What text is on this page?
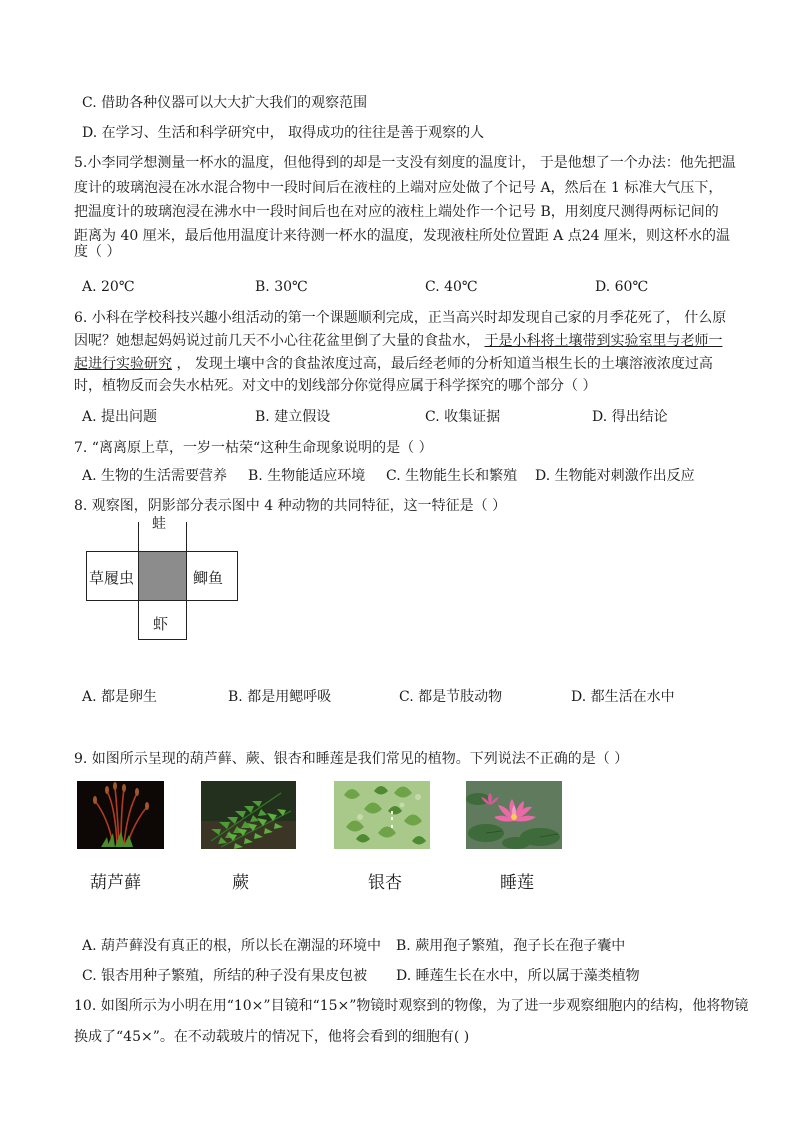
C. 借助各种仪器可以大大扩大我们的观察范围
D. 在学习、生活和科学研究中， 取得成功的往往是善于观察的人
5.小李同学想测量一杯水的温度，但他得到的却是一支没有刻度的温度计， 于是他想了一个办法：他先把温
度计的玻璃泡浸在冰水混合物中一段时间后在液柱的上端对应处做了个记号 A，然后在 1 标准大气压下，
把温度计的玻璃泡浸在沸水中一段时间后也在对应的液柱上端处作一个记号 B，用刻度尺测得两标记间的
距离为 40 厘米，最后他用温度计来待测一杯水的温度，发现液柱所处位置距 A 点24 厘米，则这杯水的温
度（ ）
A. 20℃	B. 30℃	C. 40℃	D. 60℃
6. 小科在学校科技兴趣小组活动的第一个课题顺利完成，正当高兴时却发现自己家的月季花死了， 什么原
因呢？她想起妈妈说过前几天不小心往花盆里倒了大量的食盐水， 于是小科将土壤带到实验室里与老师一
起进行实验研究 ， 发现土壤中含的食盐浓度过高，最后经老师的分析知道当根生长的土壤溶液浓度过高
时，植物反而会失水枯死。对文中的划线部分你觉得应属于科学探究的哪个部分（ ）
A. 提出问题	B. 建立假设	C. 收集证据	D. 得出结论
7. “离离原上草，一岁一枯荣“这种生命现象说明的是（ ）
A. 生物的生活需要营养 B. 生物能适应环境 C. 生物能生长和繁殖 D. 生物能对刺激作出反应
8. 观察图，阴影部分表示图中 4 种动物的共同特征，这一特征是（ ）
蛙
草履虫	鲫鱼
虾
A. 都是卵生	B. 都是用鳃呼吸	C. 都是节肢动物	D. 都生活在水中
9. 如图所示呈现的葫芦藓、蕨、银杏和睡莲是我们常见的植物。下列说法不正确的是（ ）
葫芦藓	蕨	银杏	睡莲
A. 葫芦藓没有真正的根，所以长在潮湿的环境中 B. 蕨用孢子繁殖，孢子长在孢子囊中
C. 银杏用种子繁殖，所结的种子没有果皮包被 D. 睡莲生长在水中，所以属于藻类植物
10. 如图所示为小明在用“10×”目镜和“15×”物镜时观察到的物像，为了进一步观察细胞内的结构，他将物镜
换成了“45×”。在不动载玻片的情况下，他将会看到的细胞有( )
